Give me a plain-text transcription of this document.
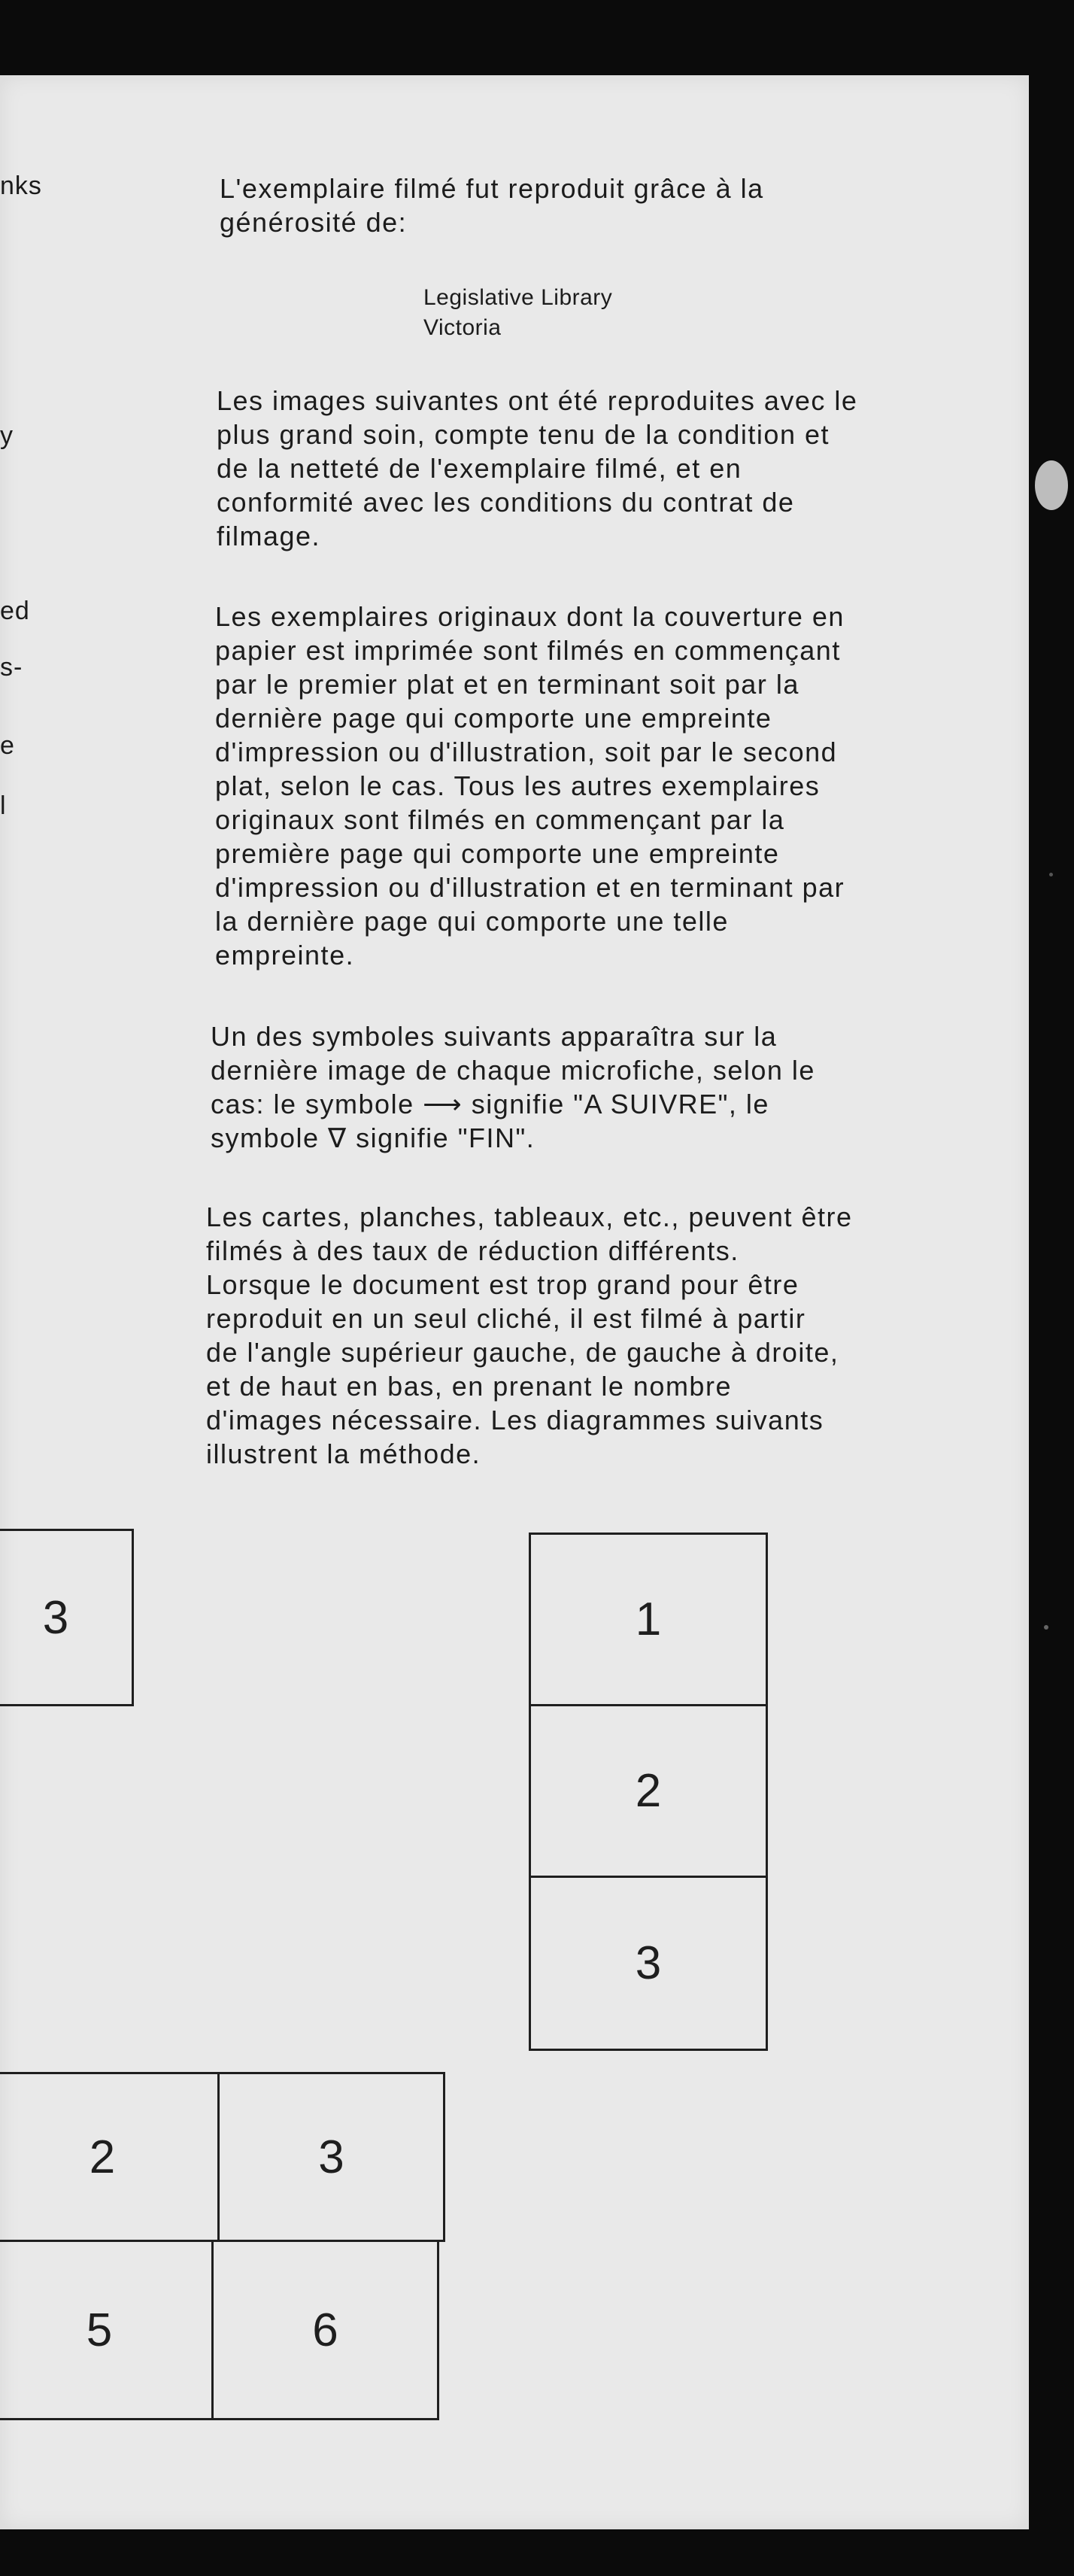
nks
y
ed
s-
e
l

L'exemplaire filmé fut reproduit grâce à la
générosité de:

Legislative Library
Victoria

Les images suivantes ont été reproduites avec le
plus grand soin, compte tenu de la condition et
de la netteté de l'exemplaire filmé, et en
conformité avec les conditions du contrat de
filmage.

Les exemplaires originaux dont la couverture en
papier est imprimée sont filmés en commençant
par le premier plat et en terminant soit par la
dernière page qui comporte une empreinte
d'impression ou d'illustration, soit par le second
plat, selon le cas. Tous les autres exemplaires
originaux sont filmés en commençant par la
première page qui comporte une empreinte
d'impression ou d'illustration et en terminant par
la dernière page qui comporte une telle
empreinte.

Un des symboles suivants apparaîtra sur la
dernière image de chaque microfiche, selon le
cas: le symbole ⟶ signifie "A SUIVRE", le
symbole ∇ signifie "FIN".

Les cartes, planches, tableaux, etc., peuvent être
filmés à des taux de réduction différents.
Lorsque le document est trop grand pour être
reproduit en un seul cliché, il est filmé à partir
de l'angle supérieur gauche, de gauche à droite,
et de haut en bas, en prenant le nombre
d'images nécessaire. Les diagrammes suivants
illustrent la méthode.

3	1
2
3
2	3
5	6
